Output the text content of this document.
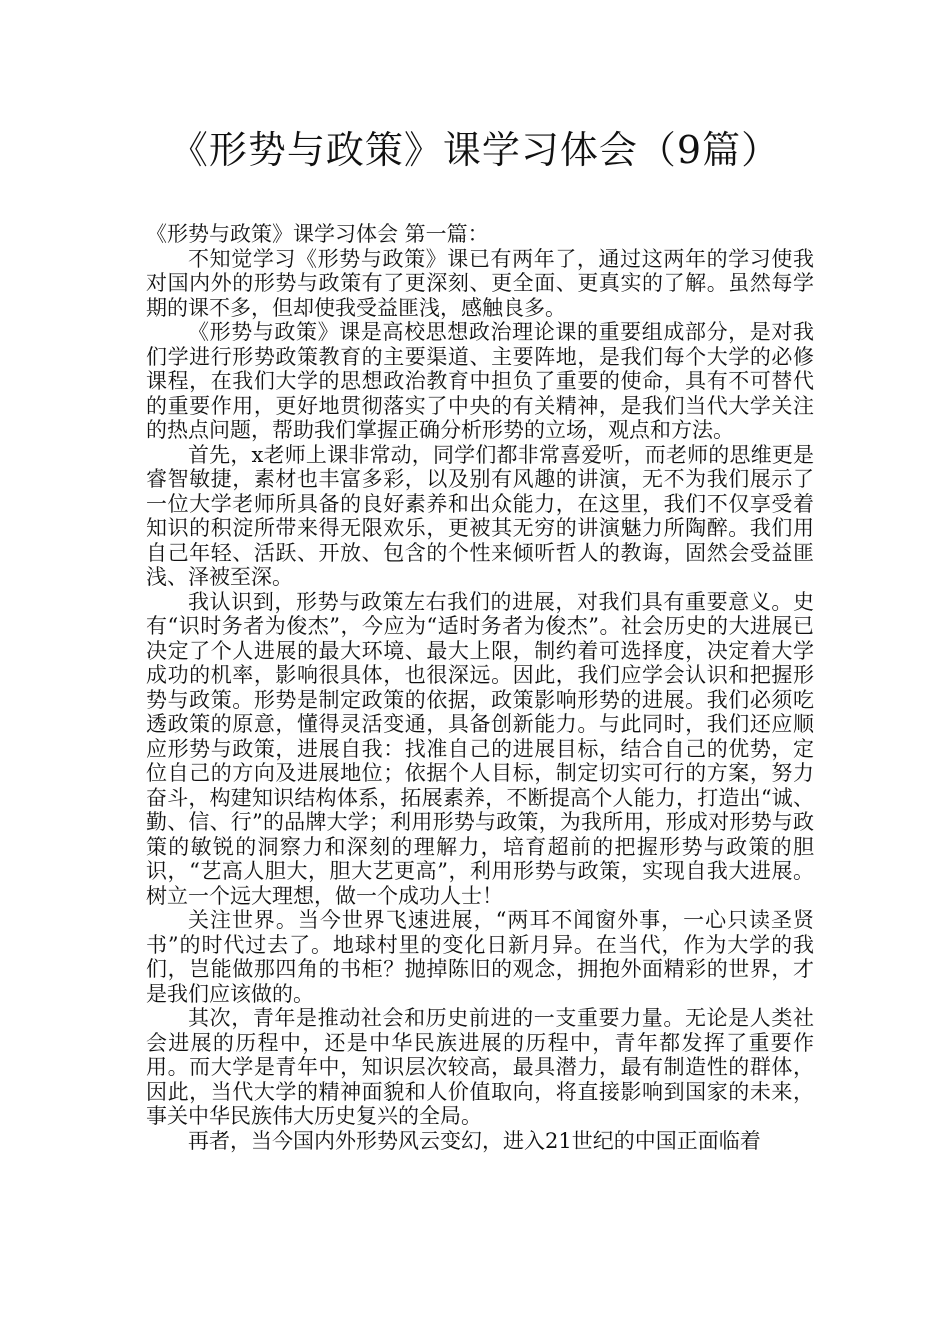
《形势与政策》课学习体会（9篇）

《形势与政策》课学习体会 第一篇：

不知觉学习《形势与政策》课已有两年了，通过这两年的学习使我对国内外的形势与政策有了更深刻、更全面、更真实的了解。虽然每学期的课不多，但却使我受益匪浅，感触良多。

《形势与政策》课是高校思想政治理论课的重要组成部分，是对我们学进行形势政策教育的主要渠道、主要阵地，是我们每个大学的必修课程，在我们大学的思想政治教育中担负了重要的使命，具有不可替代的重要作用，更好地贯彻落实了中央的有关精神，是我们当代大学关注的热点问题，帮助我们掌握正确分析形势的立场，观点和方法。

首先，x老师上课非常动，同学们都非常喜爱听，而老师的思维更是睿智敏捷，素材也丰富多彩，以及别有风趣的讲演，无不为我们展示了一位大学老师所具备的良好素养和出众能力，在这里，我们不仅享受着知识的积淀所带来得无限欢乐，更被其无穷的讲演魅力所陶醉。我们用自己年轻、活跃、开放、包含的个性来倾听哲人的教诲，固然会受益匪浅、泽被至深。

我认识到，形势与政策左右我们的进展，对我们具有重要意义。史有“识时务者为俊杰”，今应为“适时务者为俊杰”。社会历史的大进展已决定了个人进展的最大环境、最大上限，制约着可选择度，决定着大学成功的机率，影响很具体，也很深远。因此，我们应学会认识和把握形势与政策。形势是制定政策的依据，政策影响形势的进展。我们必须吃透政策的原意，懂得灵活变通，具备创新能力。与此同时，我们还应顺应形势与政策，进展自我：找准自己的进展目标，结合自己的优势，定位自己的方向及进展地位；依据个人目标，制定切实可行的方案，努力奋斗，构建知识结构体系，拓展素养，不断提高个人能力，打造出“诚、勤、信、行”的品牌大学；利用形势与政策，为我所用，形成对形势与政策的敏锐的洞察力和深刻的理解力，培育超前的把握形势与政策的胆识，“艺高人胆大，胆大艺更高”，利用形势与政策，实现自我大进展。树立一个远大理想，做一个成功人士！

关注世界。当今世界飞速进展，“两耳不闻窗外事，一心只读圣贤书”的时代过去了。地球村里的变化日新月异。在当代，作为大学的我们，岂能做那四角的书柜？抛掉陈旧的观念，拥抱外面精彩的世界，才是我们应该做的。

其次，青年是推动社会和历史前进的一支重要力量。无论是人类社会进展的历程中，还是中华民族进展的历程中，青年都发挥了重要作用。而大学是青年中，知识层次较高，最具潜力，最有制造性的群体，因此，当代大学的精神面貌和人价值取向，将直接影响到国家的未来，事关中华民族伟大历史复兴的全局。

再者，当今国内外形势风云变幻，进入21世纪的中国正面临着
